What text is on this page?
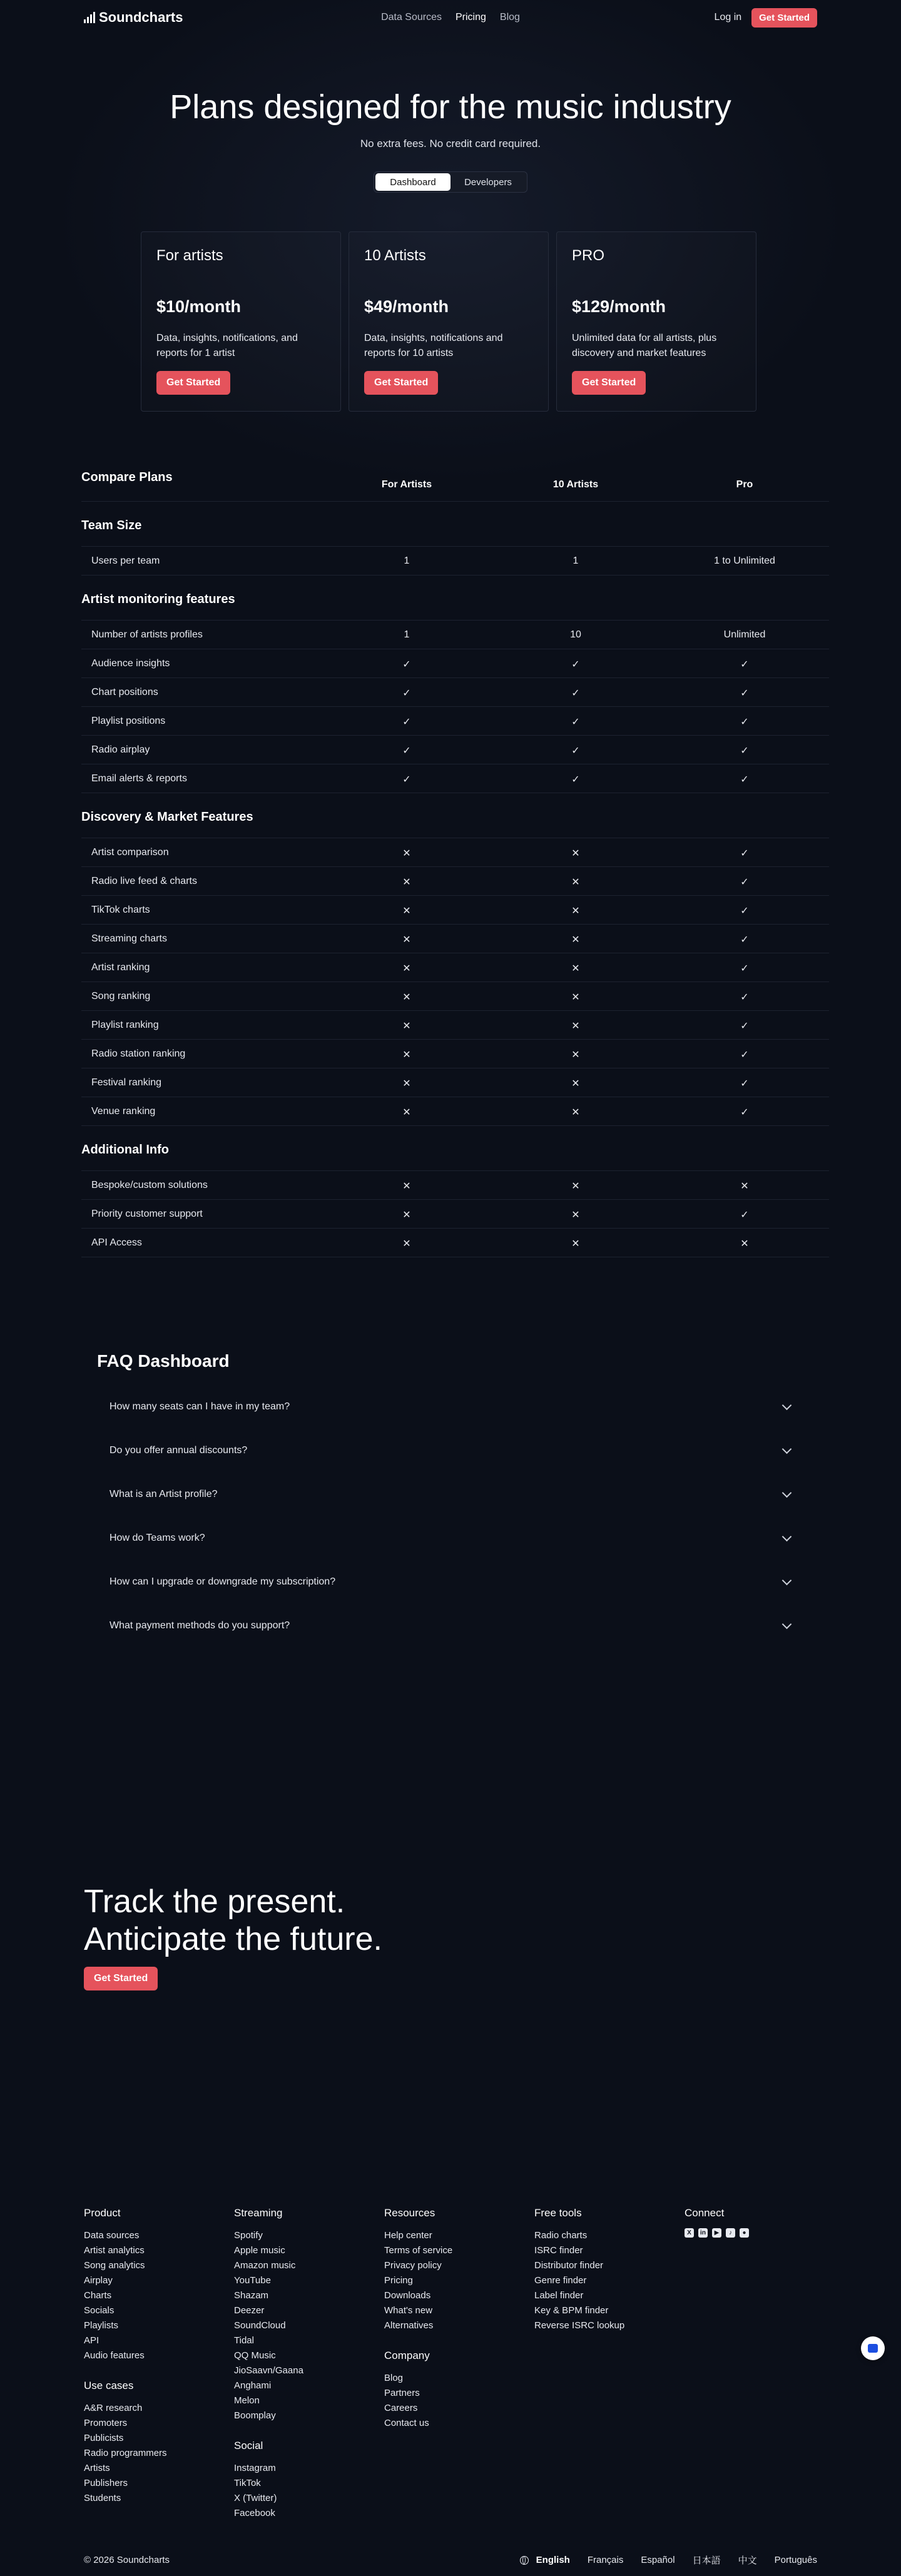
Soundcharts	Data Sources Pricing Blog	Log in	Get Started
Plans designed for the music industry

No extra fees. No credit card required.

Dashboard	Developers
For artists
$10/month
Data, insights, notifications, and reports for 1 artist
Get Started
10 Artists
$49/month
Data, insights, notifications and reports for 10 artists
Get Started
PRO
$129/month
Unlimited data for all artists, plus discovery and market features
Get Started
Compare Plans
For Artists	10 Artists	Pro
Team Size
Users per team	1	1	1 to Unlimited
Artist monitoring features
Number of artists profiles	1	10	Unlimited
Audience insights	✓	✓	✓
Chart positions	✓	✓	✓
Playlist positions	✓	✓	✓
Radio airplay	✓	✓	✓
Email alerts & reports	✓	✓	✓
Discovery & Market Features
Artist comparison	✕	✕	✓
Radio live feed & charts	✕	✕	✓
TikTok charts	✕	✕	✓
Streaming charts	✕	✕	✓
Artist ranking	✕	✕	✓
Song ranking	✕	✕	✓
Playlist ranking	✕	✕	✓
Radio station ranking	✕	✕	✓
Festival ranking	✕	✕	✓
Venue ranking	✕	✕	✓
Additional Info
Bespoke/custom solutions	✕	✕	✕
Priority customer support	✕	✕	✓
API Access	✕	✕	✕
FAQ Dashboard
How many seats can I have in my team?
Do you offer annual discounts?
What is an Artist profile?
How do Teams work?
How can I upgrade or downgrade my subscription?
What payment methods do you support?
Track the present.
Anticipate the future.
Get Started
Product
Data sources
Artist analytics
Song analytics
Airplay
Charts
Socials
Playlists
API
Audio features
Use cases
A&R research
Promoters
Publicists
Radio programmers
Artists
Publishers
Students
Streaming
Spotify
Apple music
Amazon music
YouTube
Shazam
Deezer
SoundCloud
Tidal
QQ Music
JioSaavn/Gaana
Anghami
Melon
Boomplay
Social
Instagram
TikTok
X (Twitter)
Facebook
Resources
Help center
Terms of service
Privacy policy
Pricing
Downloads
What's new
Alternatives
Company
Blog
Partners
Careers
Contact us
Free tools
Radio charts
ISRC finder
Distributor finder
Genre finder
Label finder
Key & BPM finder
Reverse ISRC lookup
Connect
X	in	▶	♪	●
© 2026 Soundcharts	English Français Español 日本語 中文 Português
